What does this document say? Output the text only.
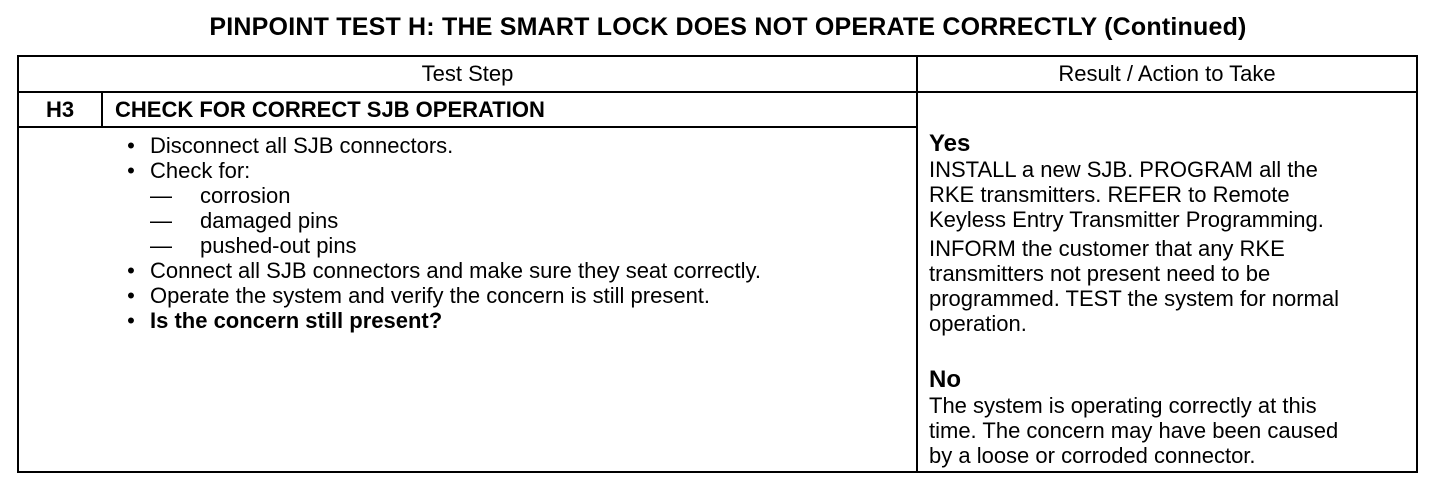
PINPOINT TEST H: THE SMART LOCK DOES NOT OPERATE CORRECTLY (Continued)
Test Step	Result / Action to Take
H3	CHECK FOR CORRECT SJB OPERATION
• Disconnect all SJB connectors.
• Check for:
— corrosion
— damaged pins
— pushed-out pins
• Connect all SJB connectors and make sure they seat correctly.
• Operate the system and verify the concern is still present.
• Is the concern still present?
Yes
INSTALL a new SJB. PROGRAM all the
RKE transmitters. REFER to Remote
Keyless Entry Transmitter Programming.
INFORM the customer that any RKE
transmitters not present need to be
programmed. TEST the system for normal
operation.
No
The system is operating correctly at this
time. The concern may have been caused
by a loose or corroded connector.
